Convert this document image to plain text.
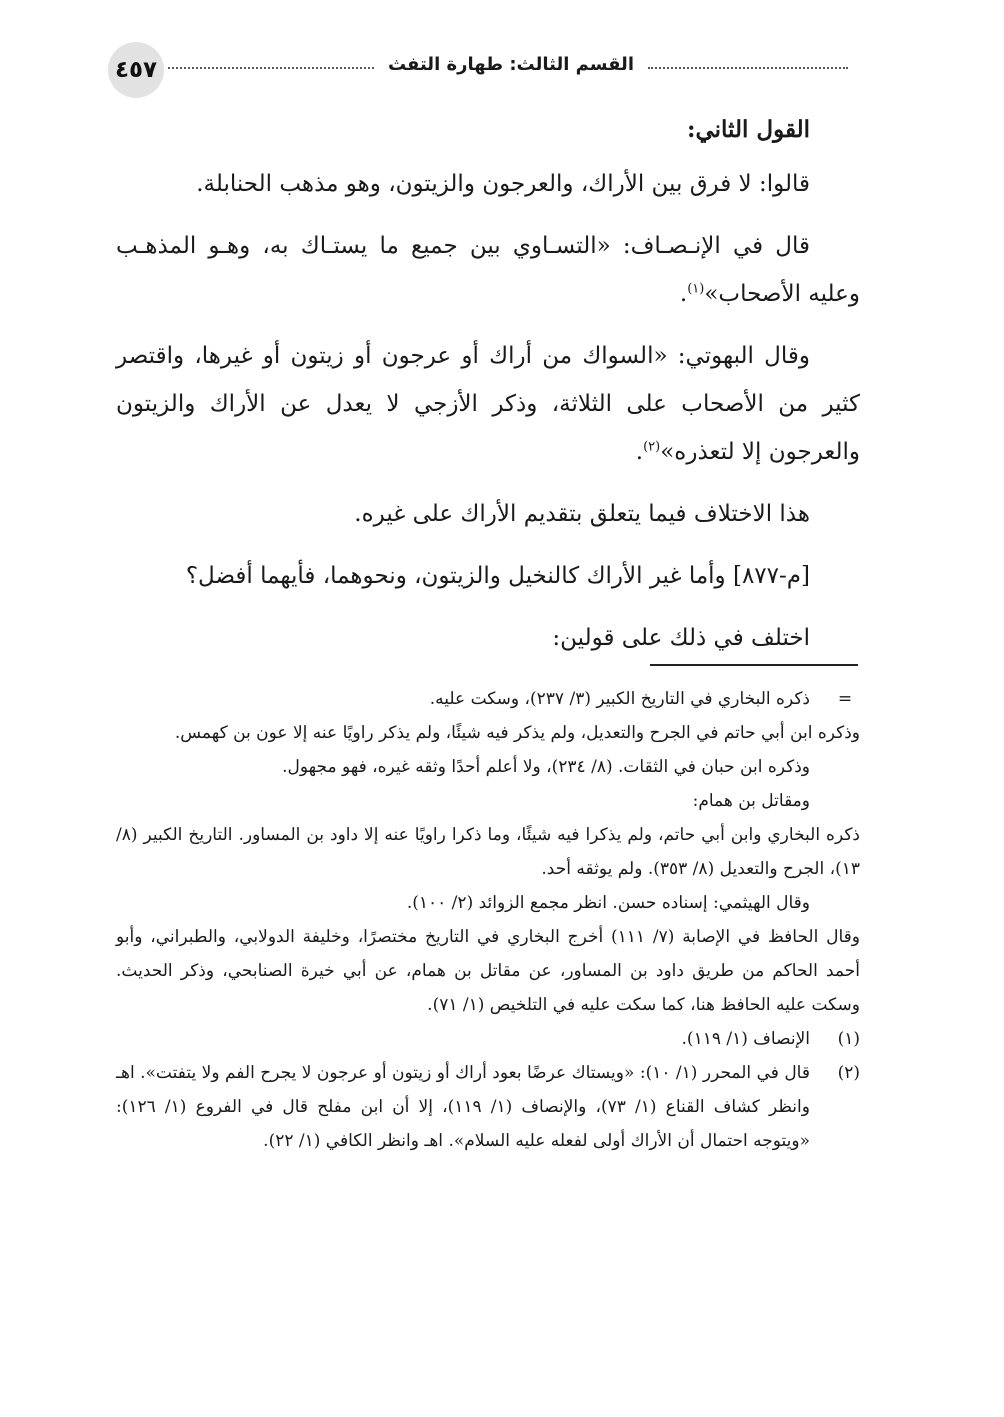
٤٥٧	القسم الثالث: طهارة التفث

القول الثاني:

قالوا: لا فرق بين الأراك، والعرجون والزيتون، وهو مذهب الحنابلة.

قال في الإنـصـاف: «التسـاوي بين جميع ما يستـاك به، وهـو المذهـب وعليه الأصحاب»$^{(١)}$.

وقال البهوتي: «السواك من أراك أو عرجون أو زيتون أو غيرها، واقتصر كثير من الأصحاب على الثلاثة، وذكر الأزجي لا يعدل عن الأراك والزيتون والعرجون إلا لتعذره»$^{(٢)}$.

هذا الاختلاف فيما يتعلق بتقديم الأراك على غيره.

[م-٨٧٧] وأما غير الأراك كالنخيل والزيتون، ونحوهما، فأيهما أفضل؟

اختلف في ذلك على قولين:

=
ذكره البخاري في التاريخ الكبير (٣/ ٢٣٧)، وسكت عليه.

وذكره ابن أبي حاتم في الجرح والتعديل، ولم يذكر فيه شيئًا، ولم يذكر راويًا عنه إلا عون بن كهمس.

وذكره ابن حبان في الثقات. (٨/ ٢٣٤)، ولا أعلم أحدًا وثقه غيره، فهو مجهول.

ومقاتل بن همام:

ذكره البخاري وابن أبي حاتم، ولم يذكرا فيه شيئًا، وما ذكرا راويًا عنه إلا داود بن المساور. التاريخ الكبير (٨/ ١٣)، الجرح والتعديل (٨/ ٣٥٣). ولم يوثقه أحد.

وقال الهيثمي: إسناده حسن. انظر مجمع الزوائد (٢/ ١٠٠).

وقال الحافظ في الإصابة (٧/ ١١١) أخرج البخاري في التاريخ مختصرًا، وخليفة الدولابي، والطبراني، وأبو أحمد الحاكم من طريق داود بن المساور، عن مقاتل بن همام، عن أبي خيرة الصنابحي، وذكر الحديث. وسكت عليه الحافظ هنا، كما سكت عليه في التلخيص (١/ ٧١).

(١)
الإنصاف (١/ ١١٩).
(٢)
قال في المحرر (١/ ١٠): «ويستاك عرضًا بعود أراك أو زيتون أو عرجون لا يجرح الفم ولا يتفتت». اهـ وانظر كشاف القناع (١/ ٧٣)، والإنصاف (١/ ١١٩)، إلا أن ابن مفلح قال في الفروع (١/ ١٢٦): «ويتوجه احتمال أن الأراك أولى لفعله عليه السلام». اهـ وانظر الكافي (١/ ٢٢).
